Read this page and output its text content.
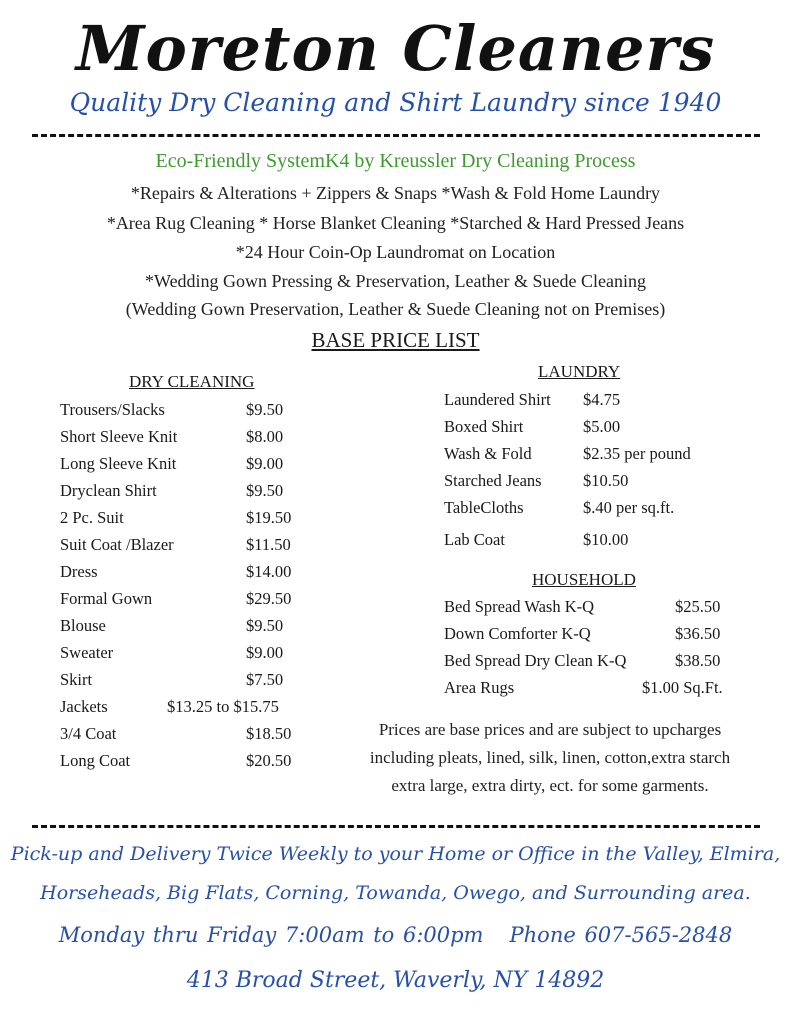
Moreton Cleaners
Quality Dry Cleaning and Shirt Laundry since 1940
Eco-Friendly SystemK4 by Kreussler Dry Cleaning Process
*Repairs & Alterations + Zippers & Snaps *Wash & Fold Home Laundry
*Area Rug Cleaning * Horse Blanket Cleaning *Starched & Hard Pressed Jeans
*24 Hour Coin-Op Laundromat on Location
*Wedding Gown Pressing & Preservation, Leather & Suede Cleaning
(Wedding Gown Preservation, Leather & Suede Cleaning not on Premises)
BASE PRICE LIST
DRY CLEANING
Trousers/Slacks	$9.50
Short Sleeve Knit	$8.00
Long Sleeve Knit	$9.00
Dryclean Shirt	$9.50
2 Pc. Suit	$19.50
Suit Coat /Blazer	$11.50
Dress	$14.00
Formal Gown	$29.50
Blouse	$9.50
Sweater	$9.00
Skirt	$7.50
Jackets	$13.25 to $15.75
3/4 Coat	$18.50
Long Coat	$20.50
LAUNDRY
Laundered Shirt	$4.75
Boxed Shirt	$5.00
Wash & Fold	$2.35 per pound
Starched Jeans	$10.50
TableCloths	$.40 per sq.ft.
Lab Coat	$10.00
HOUSEHOLD
Bed Spread Wash K-Q	$25.50
Down Comforter K-Q	$36.50
Bed Spread Dry Clean K-Q	$38.50
Area Rugs	$1.00 Sq.Ft.
Prices are base prices and are subject to upcharges
including pleats, lined, silk, linen, cotton,extra starch
extra large, extra dirty, ect. for some garments.
Pick-up and Delivery Twice Weekly to your Home or Office in the Valley, Elmira,
Horseheads, Big Flats, Corning, Towanda, Owego, and Surrounding area.
Monday thru Friday 7:00am to 6:00pm Phone 607-565-2848
413 Broad Street, Waverly, NY 14892
